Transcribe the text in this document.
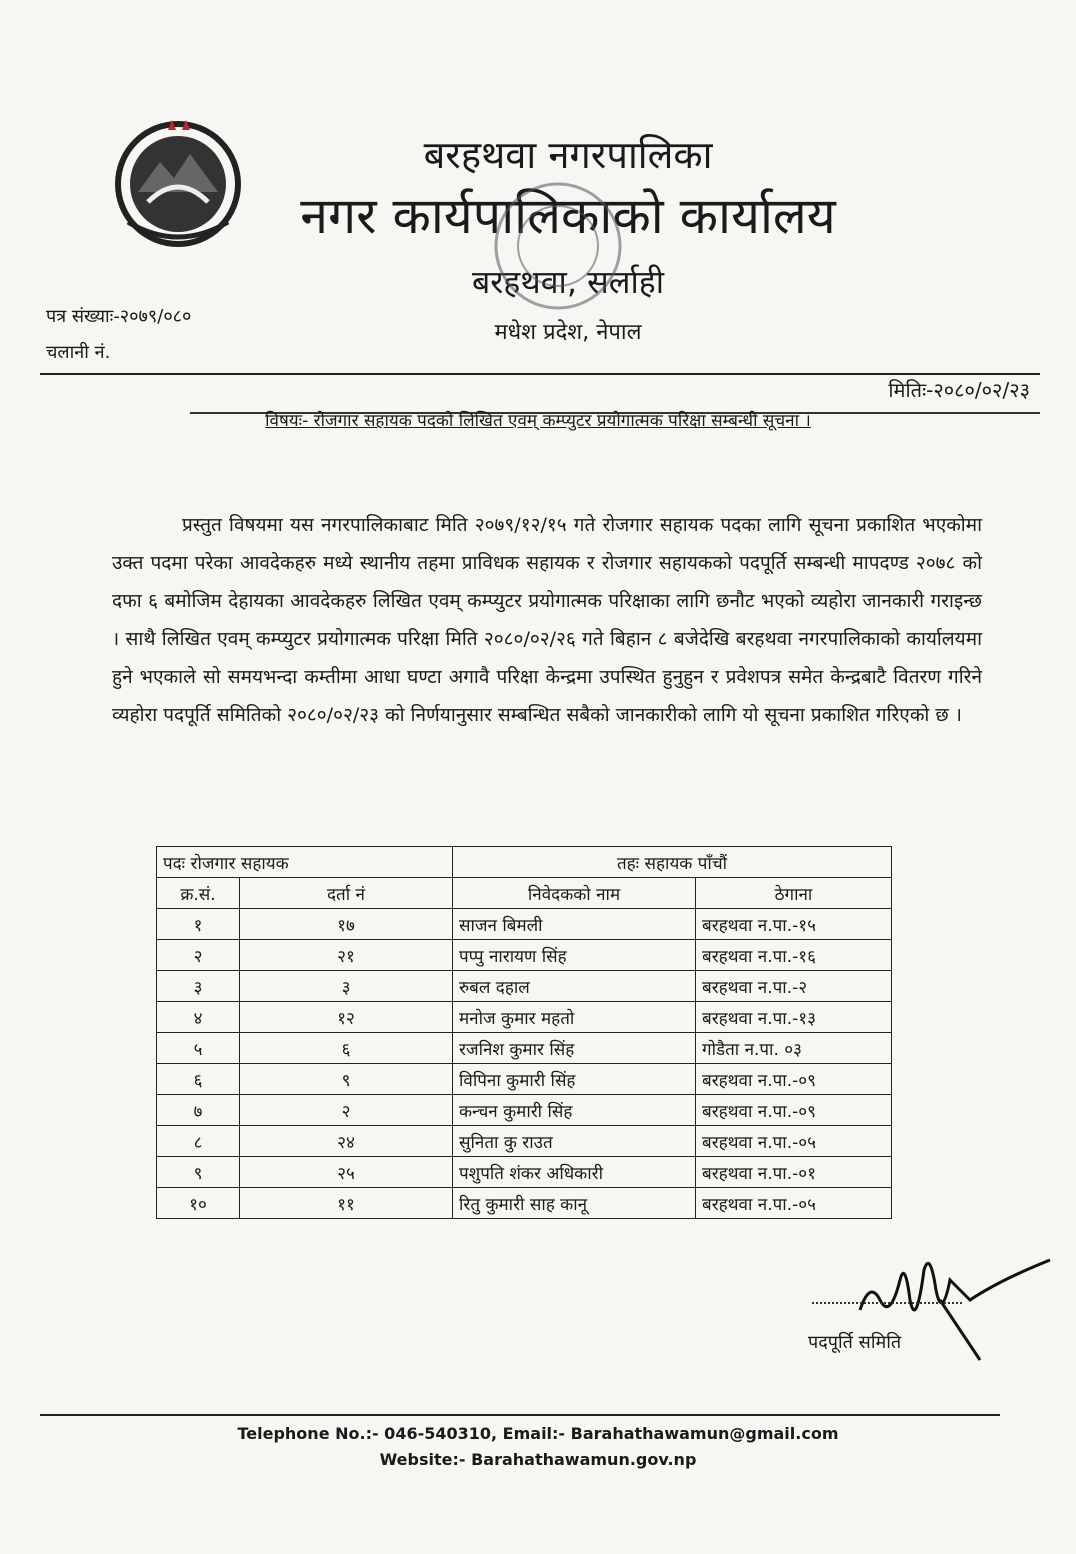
बरहथवा नगरपालिका
नगर कार्यपालिकाको कार्यालय
बरहथवा, सर्लाही
मधेश प्रदेश, नेपाल
पत्र संख्याः-२०७९/०८०
चलानी नं.
मितिः-२०८०/०२/२३
विषयः- रोजगार सहायक पदको लिखित एवम् कम्प्युटर प्रयोगात्मक परिक्षा सम्बन्धी सूचना ।
प्रस्तुत विषयमा यस नगरपालिकाबाट मिति २०७९/१२/१५ गते रोजगार सहायक पदका लागि सूचना प्रकाशित भएकोमा उक्त पदमा परेका आवदेकहरु मध्ये स्थानीय तहमा प्राविधक सहायक र रोजगार सहायकको पदपूर्ति सम्बन्धी मापदण्ड २०७८ को दफा ६ बमोजिम देहायका आवदेकहरु लिखित एवम् कम्प्युटर प्रयोगात्मक परिक्षाका लागि छनौट भएको व्यहोरा जानकारी गराइन्छ । साथै लिखित एवम् कम्प्युटर प्रयोगात्मक परिक्षा मिति २०८०/०२/२६ गते बिहान ८ बजेदेखि बरहथवा नगरपालिकाको कार्यालयमा हुने भएकाले सो समयभन्दा कम्तीमा आधा घण्टा अगावै परिक्षा केन्द्रमा उपस्थित हुनुहुन र प्रवेशपत्र समेत केन्द्रबाटै वितरण गरिने व्यहोरा पदपूर्ति समितिको २०८०/०२/२३ को निर्णयानुसार सम्बन्धित सबैको जानकारीको लागि यो सूचना प्रकाशित गरिएको छ ।
पदः रोजगार सहायक		तहः सहायक पाँचौं	
क्र.सं.	दर्ता नं	निवेदकको नाम	ठेगाना
१	१७	साजन बिमली	बरहथवा न.पा.-१५
२	२१	पप्पु नारायण सिंह	बरहथवा न.पा.-१६
३	३	रुबल दहाल	बरहथवा न.पा.-२
४	१२	मनोज कुमार महतो	बरहथवा न.पा.-१३
५	६	रजनिश कुमार सिंह	गोडैता न.पा. ०३
६	९	विपिना कुमारी सिंह	बरहथवा न.पा.-०९
७	२	कन्चन कुमारी सिंह	बरहथवा न.पा.-०९
८	२४	सुनिता कु राउत	बरहथवा न.पा.-०५
९	२५	पशुपति शंकर अधिकारी	बरहथवा न.पा.-०१
१०	११	रितु कुमारी साह कानू	बरहथवा न.पा.-०५
पदपूर्ति समिति
Telephone No.:- 046-540310, Email:- Barahathawamun@gmail.com
Website:- Barahathawamun.gov.np
